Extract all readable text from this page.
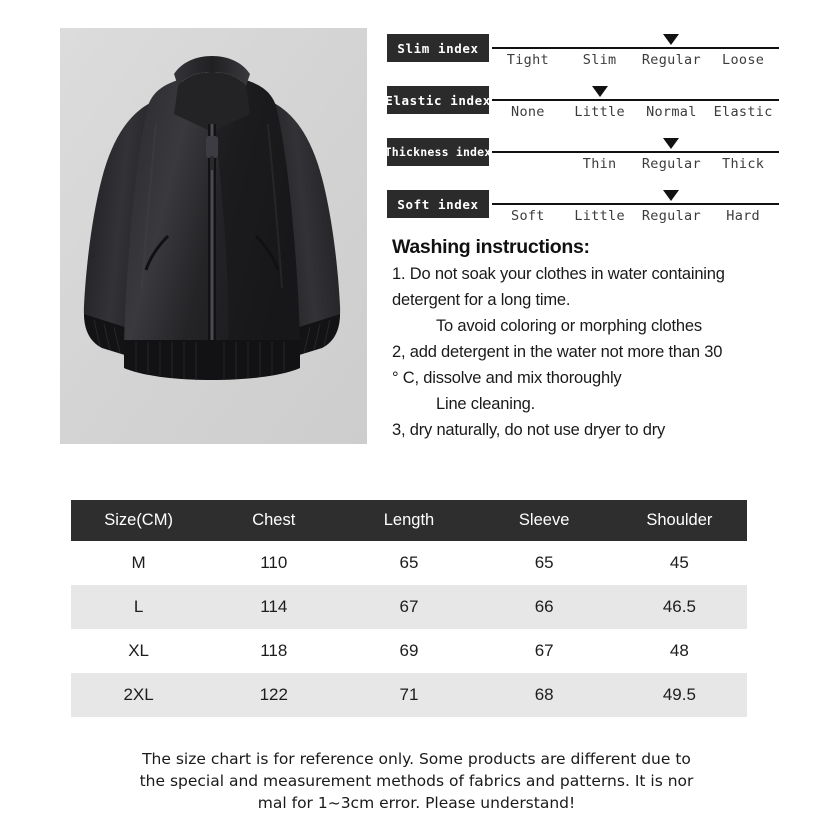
Slim index
Tight	Slim	Regular	Loose
Elastic index
None	Little	Normal	Elastic
Thickness index
Thin	Regular	Thick
Soft index
Soft	Little	Regular	Hard
Washing instructions:
1. Do not soak your clothes in water containing
detergent for a long time.
To avoid coloring or morphing clothes
2, add detergent in the water not more than 30
° C, dissolve and mix thoroughly
Line cleaning.
3, dry naturally, do not use dryer to dry
Size(CM)	Chest	Length	Sleeve	Shoulder
M	110	65	65	45
L	114	67	66	46.5
XL	118	69	67	48
2XL	122	71	68	49.5
The size chart is for reference only. Some products are different due to
the special and measurement methods of fabrics and patterns. It is nor
mal for 1~3cm error. Please understand!
